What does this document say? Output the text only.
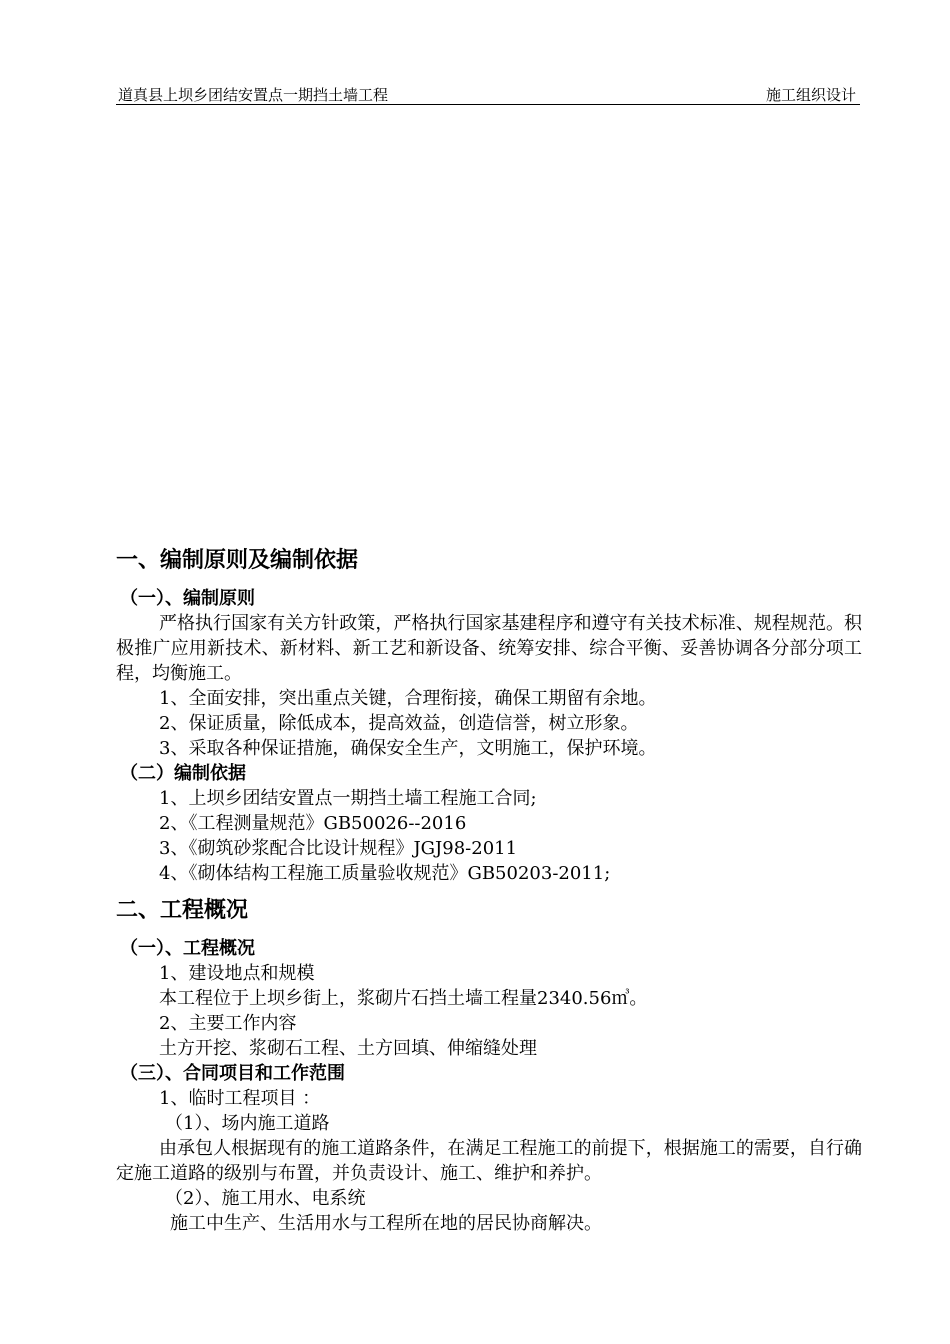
道真县上坝乡团结安置点一期挡土墙工程	施工组织设计
一、编制原则及编制依据
（一）、编制原则
严格执行国家有关方针政策，严格执行国家基建程序和遵守有关技术标准、规程规范。积极推广应用新技术、新材料、新工艺和新设备、统筹安排、综合平衡、妥善协调各分部分项工程，均衡施工。
1、全面安排，突出重点关键，合理衔接，确保工期留有余地。
2、保证质量，除低成本，提高效益，创造信誉，树立形象。
3、采取各种保证措施，确保安全生产，文明施工，保护环境。
（二）编制依据
1、上坝乡团结安置点一期挡土墙工程施工合同;
2、《工程测量规范》GB50026--2016
3、《砌筑砂浆配合比设计规程》JGJ98-2011
4、《砌体结构工程施工质量验收规范》GB50203-2011;
二、工程概况
（一）、工程概况
1、建设地点和规模
本工程位于上坝乡街上，浆砌片石挡土墙工程量2340.56㎥。
2、主要工作内容
土方开挖、浆砌石工程、土方回填、伸缩缝处理
（三）、合同项目和工作范围
1、临时工程项目 ：
（1）、场内施工道路
由承包人根据现有的施工道路条件，在满足工程施工的前提下，根据施工的需要，自行确定施工道路的级别与布置，并负责设计、施工、维护和养护。
（2）、施工用水、电系统
施工中生产、生活用水与工程所在地的居民协商解决。
